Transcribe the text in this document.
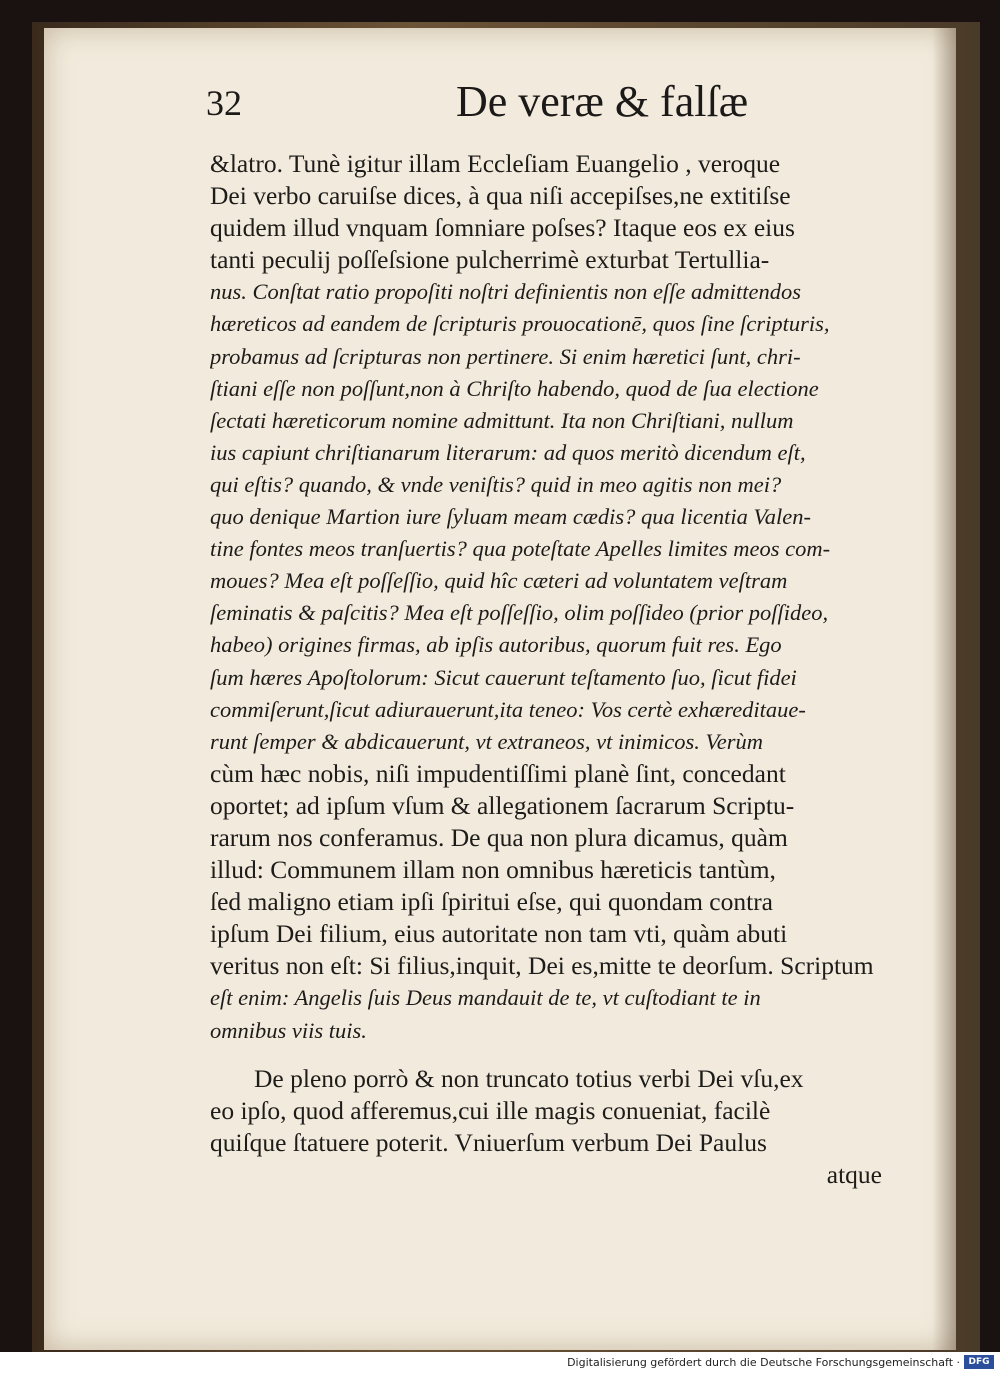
32	De veræ & falſæ
&latro. Tunè igitur illam Eccleſiam Euangelio , veroque
Dei verbo caruiſse dices, à qua niſi accepiſses,ne extitiſse
quidem illud vnquam ſomniare poſses? Itaque eos ex eius
tanti peculij poſſeſsione pulcherrimè exturbat Tertullia-
nus. Conſtat ratio propoſiti noſtri definientis non eſſe admittendos
hæreticos ad eandem de ſcripturis prouocationē, quos ſine ſcripturis,
probamus ad ſcripturas non pertinere. Si enim hæretici ſunt, chri-
ſtiani eſſe non poſſunt,non à Chriſto habendo, quod de ſua electione
ſectati hæreticorum nomine admittunt. Ita non Chriſtiani, nullum
ius capiunt chriſtianarum literarum: ad quos meritò dicendum eſt,
qui eſtis? quando, & vnde veniſtis? quid in meo agitis non mei?
quo denique Martion iure ſyluam meam cædis? qua licentia Valen-
tine fontes meos tranſuertis? qua poteſtate Apelles limites meos com-
moues? Mea eſt poſſeſſio, quid hîc cæteri ad voluntatem veſtram
ſeminatis & paſcitis? Mea eſt poſſeſſio, olim poſſideo (prior poſſideo,
habeo) origines firmas, ab ipſis autoribus, quorum fuit res. Ego
ſum hæres Apoſtolorum: Sicut cauerunt teſtamento ſuo, ſicut fidei
commiſerunt,ſicut adiurauerunt,ita teneo: Vos certè exhæreditaue-
runt ſemper & abdicauerunt, vt extraneos, vt inimicos. Verùm
cùm hæc nobis, niſi impudentiſſimi planè ſint, concedant
oportet; ad ipſum vſum & allegationem ſacrarum Scriptu-
rarum nos conferamus. De qua non plura dicamus, quàm
illud: Communem illam non omnibus hæreticis tantùm,
ſed maligno etiam ipſi ſpiritui eſse, qui quondam contra
ipſum Dei filium, eius autoritate non tam vti, quàm abuti
veritus non eſt: Si filius,inquit, Dei es,mitte te deorſum. Scriptum
eſt enim: Angelis ſuis Deus mandauit de te, vt cuſtodiant te in
omnibus viis tuis.
De pleno porrò & non truncato totius verbi Dei vſu,ex
eo ipſo, quod afferemus,cui ille magis conueniat, facilè
quiſque ſtatuere poterit. Vniuerſum verbum Dei Paulus
atque
Digitalisierung gefördert durch die Deutsche Forschungsgemeinschaft · DFG
